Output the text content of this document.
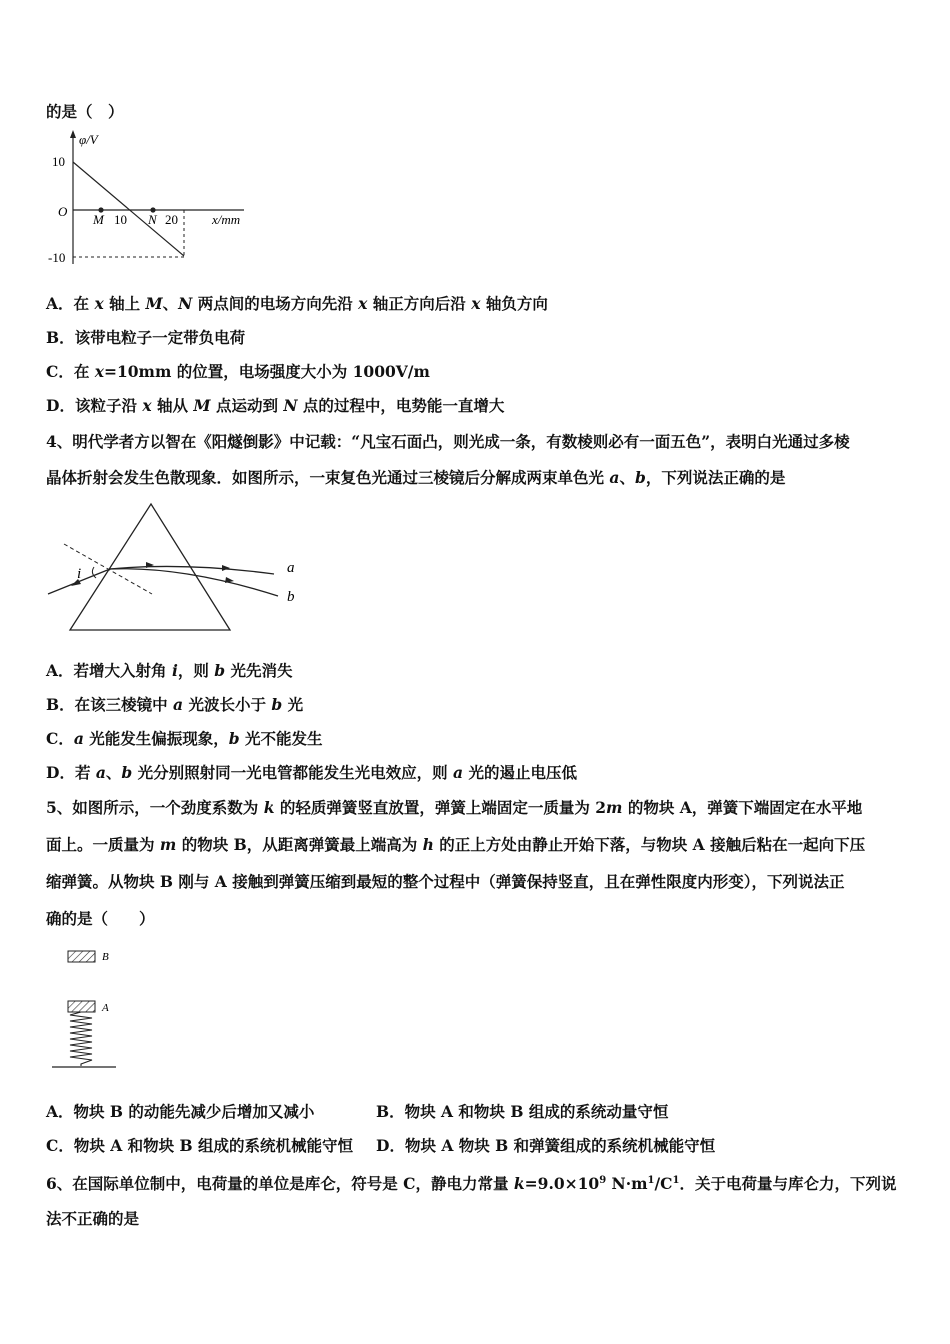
的是（　）
φ/V
10
O
-10
M 10 N 20	x/mm
A．在 x 轴上 M、N 两点间的电场方向先沿 x 轴正方向后沿 x 轴负方向
B．该带电粒子一定带负电荷
C．在 x=10mm 的位置，电场强度大小为 1000V/m
D．该粒子沿 x 轴从 M 点运动到 N 点的过程中，电势能一直增大
4、明代学者方以智在《阳燧倒影》中记载：“凡宝石面凸，则光成一条，有数棱则必有一面五色”，表明白光通过多棱
晶体折射会发生色散现象．如图所示，一束复色光通过三棱镜后分解成两束单色光 a、b，下列说法正确的是
i	a
b
A．若增大入射角 i，则 b 光先消失
B．在该三棱镜中 a 光波长小于 b 光
C．a 光能发生偏振现象，b 光不能发生
D．若 a、b 光分别照射同一光电管都能发生光电效应，则 a 光的遏止电压低
5、如图所示，一个劲度系数为 k 的轻质弹簧竖直放置，弹簧上端固定一质量为 2m 的物块 A，弹簧下端固定在水平地
面上。一质量为 m 的物块 B，从距离弹簧最上端高为 h 的正上方处由静止开始下落，与物块 A 接触后粘在一起向下压
缩弹簧。从物块 B 刚与 A 接触到弹簧压缩到最短的整个过程中（弹簧保持竖直，且在弹性限度内形变），下列说法正
确的是（　　）
B
A
A．物块 B 的动能先减少后增加又减小	B．物块 A 和物块 B 组成的系统动量守恒
C．物块 A 和物块 B 组成的系统机械能守恒 D．物块 A 物块 B 和弹簧组成的系统机械能守恒
6、在国际单位制中，电荷量的单位是库仑，符号是 C，静电力常量 $k=9.0\times 10^9$ $N\cdot m^1/C^1$．关于电荷量与库仑力，下列说
法不正确的是
